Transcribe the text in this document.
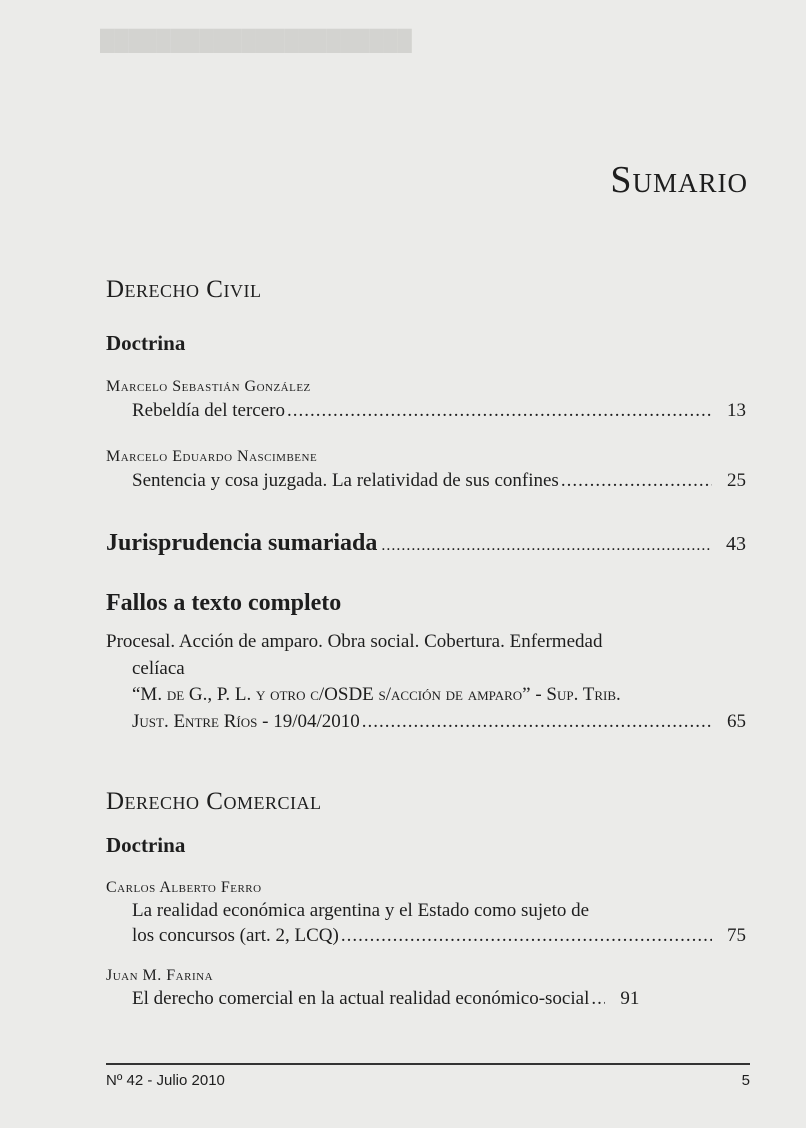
██████████████████████
Sumario
Derecho Civil
Doctrina
Marcelo Sebastián González
Rebeldía del tercero .....	13
Marcelo Eduardo Nascimbene
Sentencia y cosa juzgada. La relatividad de sus confines .....	25
Jurisprudencia sumariada .....	43
Fallos a texto completo
Procesal. Acción de amparo. Obra social. Cobertura. Enfermedad
celíaca
“M. de G., P. L. y otro c/OSDE s/acción de amparo” - Sup. Trib.
Just. Entre Ríos - 19/04/2010 .....	65
Derecho Comercial
Doctrina
Carlos Alberto Ferro
La realidad económica argentina y el Estado como sujeto de
los concursos (art. 2, LCQ) .....	75
Juan M. Farina
El derecho comercial en la actual realidad económico-social .....	91
Nº 42 - Julio 2010	5
